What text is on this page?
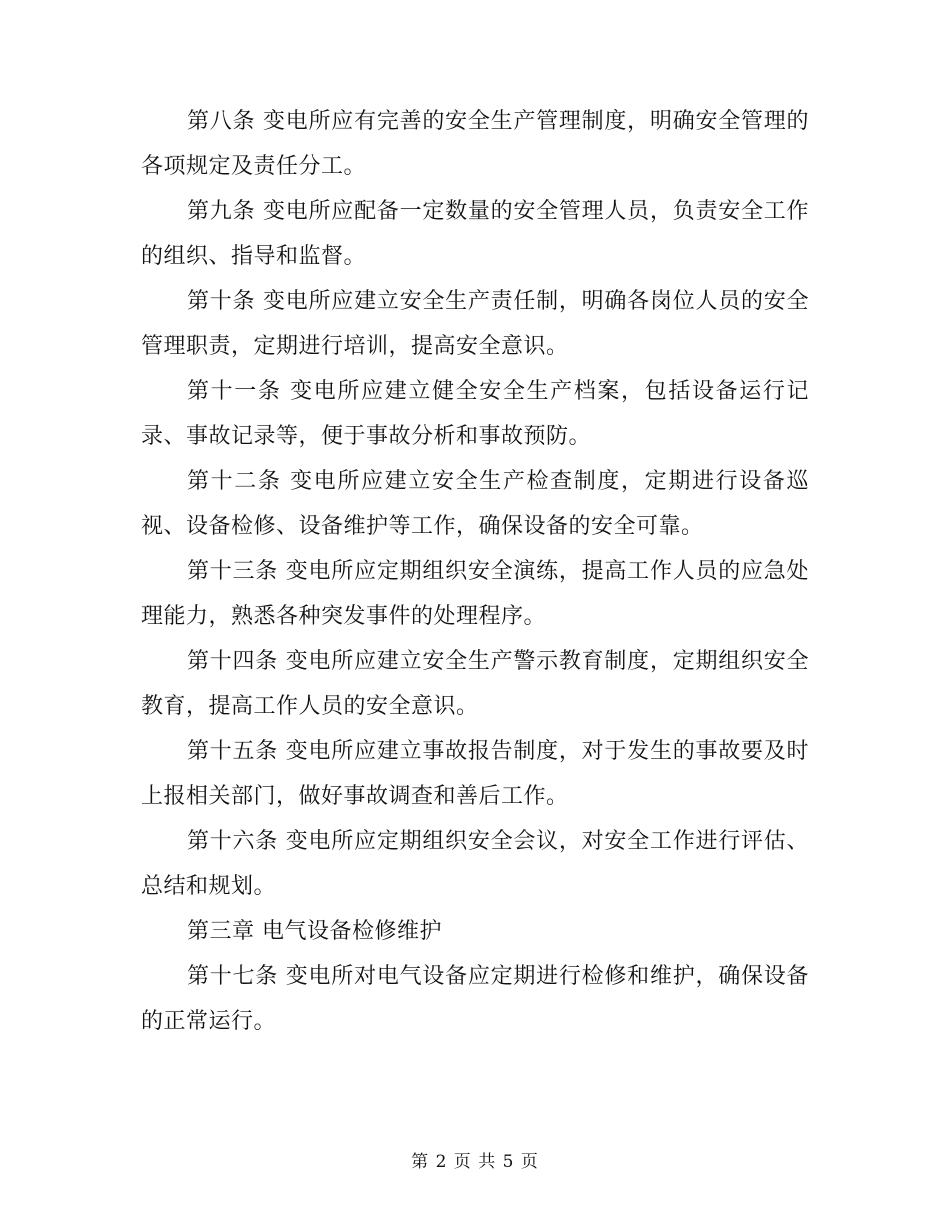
第八条 变电所应有完善的安全生产管理制度，明确安全管理的各项规定及责任分工。

第九条 变电所应配备一定数量的安全管理人员，负责安全工作的组织、指导和监督。

第十条 变电所应建立安全生产责任制，明确各岗位人员的安全管理职责，定期进行培训，提高安全意识。

第十一条 变电所应建立健全安全生产档案，包括设备运行记录、事故记录等，便于事故分析和事故预防。

第十二条 变电所应建立安全生产检查制度，定期进行设备巡视、设备检修、设备维护等工作，确保设备的安全可靠。

第十三条 变电所应定期组织安全演练，提高工作人员的应急处理能力，熟悉各种突发事件的处理程序。

第十四条 变电所应建立安全生产警示教育制度，定期组织安全教育，提高工作人员的安全意识。

第十五条 变电所应建立事故报告制度，对于发生的事故要及时上报相关部门，做好事故调查和善后工作。

第十六条 变电所应定期组织安全会议，对安全工作进行评估、总结和规划。

第三章 电气设备检修维护

第十七条 变电所对电气设备应定期进行检修和维护，确保设备的正常运行。

第 2 页 共 5 页
